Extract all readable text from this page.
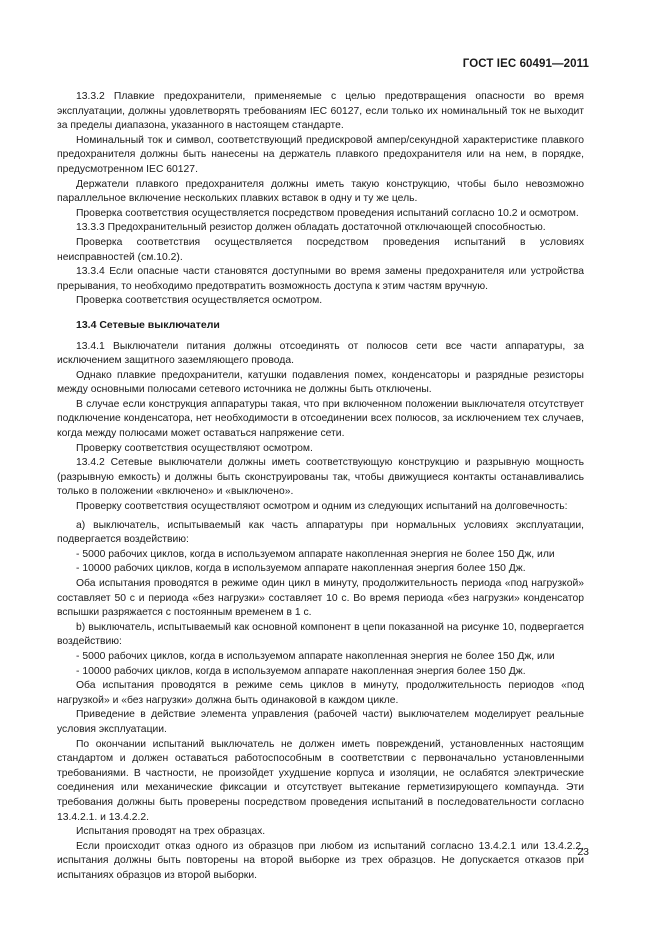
ГОСТ IEC 60491—2011

13.3.2 Плавкие предохранители, применяемые с целью предотвращения опасности во время эксплуатации, должны удовлетворять требованиям IEC 60127, если только их номинальный ток не выходит за пределы диапазона, указанного в настоящем стандарте.

Номинальный ток и символ, соответствующий предискровой ампер/секундной характеристике плавкого предохранителя должны быть нанесены на держатель плавкого предохранителя или на нем, в порядке, предусмотренном IEC 60127.

Держатели плавкого предохранителя должны иметь такую конструкцию, чтобы было невозможно параллельное включение нескольких плавких вставок в одну и ту же цель.

Проверка соответствия осуществляется посредством проведения испытаний согласно 10.2 и осмотром.

13.3.3 Предохранительный резистор должен обладать достаточной отключающей способностью.

Проверка соответствия осуществляется посредством проведения испытаний в условиях неисправностей (см.10.2).

13.3.4 Если опасные части становятся доступными во время замены предохранителя или устройства прерывания, то необходимо предотвратить возможность доступа к этим частям вручную.

Проверка соответствия осуществляется осмотром.

13.4 Сетевые выключатели

13.4.1 Выключатели питания должны отсоединять от полюсов сети все части аппаратуры, за исключением защитного заземляющего провода.

Однако плавкие предохранители, катушки подавления помех, конденсаторы и разрядные резисторы между основными полюсами сетевого источника не должны быть отключены.

В случае если конструкция аппаратуры такая, что при включенном положении выключателя отсутствует подключение конденсатора, нет необходимости в отсоединении всех полюсов, за исключением тех случаев, когда между полюсами может оставаться напряжение сети.

Проверку соответствия осуществляют осмотром.

13.4.2 Сетевые выключатели должны иметь соответствующую конструкцию и разрывную мощность (разрывную емкость) и должны быть сконструированы так, чтобы движущиеся контакты останавливались только в положении «включено» и «выключено».

Проверку соответствия осуществляют осмотром и одним из следующих испытаний на долговечность:

а) выключатель, испытываемый как часть аппаратуры при нормальных условиях эксплуатации, подвергается воздействию:

- 5000 рабочих циклов, когда в используемом аппарате накопленная энергия не более 150 Дж, или

- 10000 рабочих циклов, когда в используемом аппарате накопленная энергия более 150 Дж.

Оба испытания проводятся в режиме один цикл в минуту, продолжительность периода «под нагрузкой» составляет 50 с и периода «без нагрузки» составляет 10 с. Во время периода «без нагрузки» конденсатор вспышки разряжается с постоянным временем в 1 с.

b) выключатель, испытываемый как основной компонент в цепи показанной на рисунке 10, подвергается воздействию:

- 5000 рабочих циклов, когда в используемом аппарате накопленная энергия не более 150 Дж, или

- 10000 рабочих циклов, когда в используемом аппарате накопленная энергия более 150 Дж.

Оба испытания проводятся в режиме семь циклов в минуту, продолжительность периодов «под нагрузкой» и «без нагрузки» должна быть одинаковой в каждом цикле.

Приведение в действие элемента управления (рабочей части) выключателем моделирует реальные условия эксплуатации.

По окончании испытаний выключатель не должен иметь повреждений, установленных настоящим стандартом и должен оставаться работоспособным в соответствии с первоначально установленными требованиями. В частности, не произойдет ухудшение корпуса и изоляции, не ослабятся электрические соединения или механические фиксации и отсутствует вытекание герметизирующего компаунда. Эти требования должны быть проверены посредством проведения испытаний в последовательности согласно 13.4.2.1. и 13.4.2.2.

Испытания проводят на трех образцах.

Если происходит отказ одного из образцов при любом из испытаний согласно 13.4.2.1 или 13.4.2.2, испытания должны быть повторены на второй выборке из трех образцов. Не допускается отказов при испытаниях образцов из второй выборки.

23
